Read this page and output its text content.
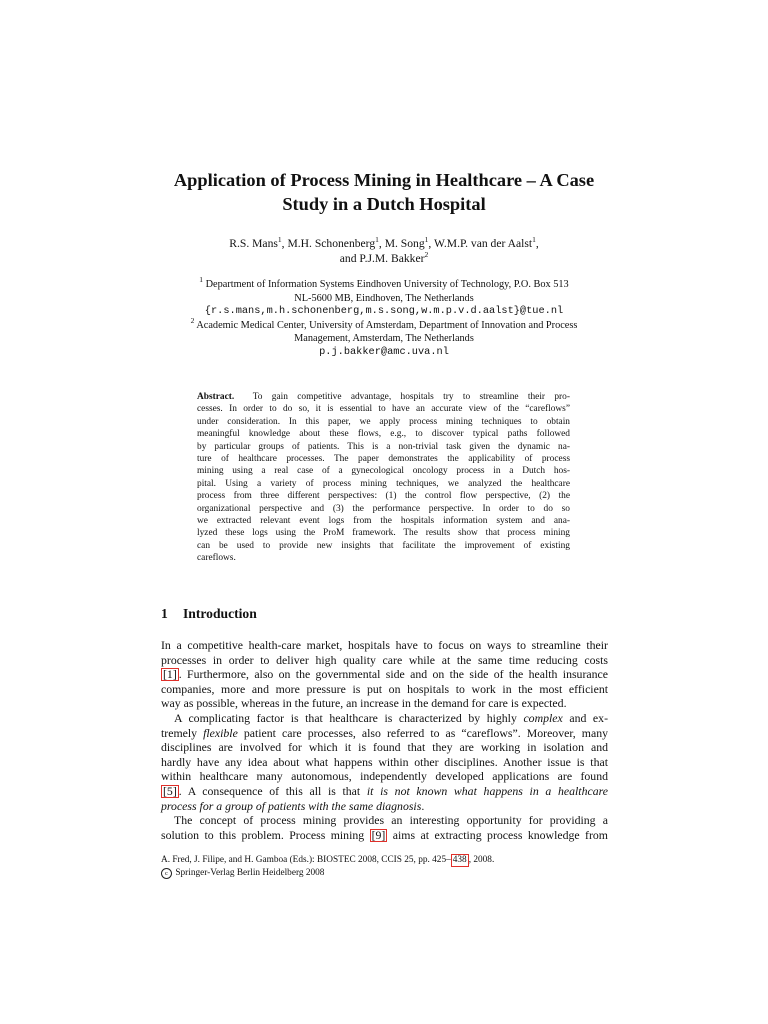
Application of Process Mining in Healthcare – A Case
Study in a Dutch Hospital
R.S. Mans$^1$, M.H. Schonenberg$^1$, M. Song$^1$, W.M.P. van der Aalst$^1$,
and P.J.M. Bakker$^2$
$^1$ Department of Information Systems Eindhoven University of Technology, P.O. Box 513
NL-5600 MB, Eindhoven, The Netherlands
{r.s.mans,m.h.schonenberg,m.s.song,w.m.p.v.d.aalst}@tue.nl
$^2$ Academic Medical Center, University of Amsterdam, Department of Innovation and Process
Management, Amsterdam, The Netherlands
p.j.bakker@amc.uva.nl
Abstract. To gain competitive advantage, hospitals try to streamline their pro-
cesses. In order to do so, it is essential to have an accurate view of the “careflows”
under consideration. In this paper, we apply process mining techniques to obtain
meaningful knowledge about these flows, e.g., to discover typical paths followed
by particular groups of patients. This is a non-trivial task given the dynamic na-
ture of healthcare processes. The paper demonstrates the applicability of process
mining using a real case of a gynecological oncology process in a Dutch hos-
pital. Using a variety of process mining techniques, we analyzed the healthcare
process from three different perspectives: (1) the control flow perspective, (2) the
organizational perspective and (3) the performance perspective. In order to do so
we extracted relevant event logs from the hospitals information system and ana-
lyzed these logs using the ProM framework. The results show that process mining
can be used to provide new insights that facilitate the improvement of existing
careflows.
1 Introduction
In a competitive health-care market, hospitals have to focus on ways to streamline their
processes in order to deliver high quality care while at the same time reducing costs
[1] . Furthermore, also on the governmental side and on the side of the health insurance
companies, more and more pressure is put on hospitals to work in the most efficient
way as possible, whereas in the future, an increase in the demand for care is expected.
A complicating factor is that healthcare is characterized by highly complex and ex-
tremely flexible patient care processes, also referred to as “careflows”. Moreover, many
disciplines are involved for which it is found that they are working in isolation and
hardly have any idea about what happens within other disciplines. Another issue is that
within healthcare many autonomous, independently developed applications are found
[5] . A consequence of this all is that it is not known what happens in a healthcare
process for a group of patients with the same diagnosis.
The concept of process mining provides an interesting opportunity for providing a
solution to this problem. Process mining [9] aims at extracting process knowledge from
A. Fred, J. Filipe, and H. Gamboa (Eds.): BIOSTEC 2008, CCIS 25, pp. 425– 438 , 2008.
c Springer-Verlag Berlin Heidelberg 2008
